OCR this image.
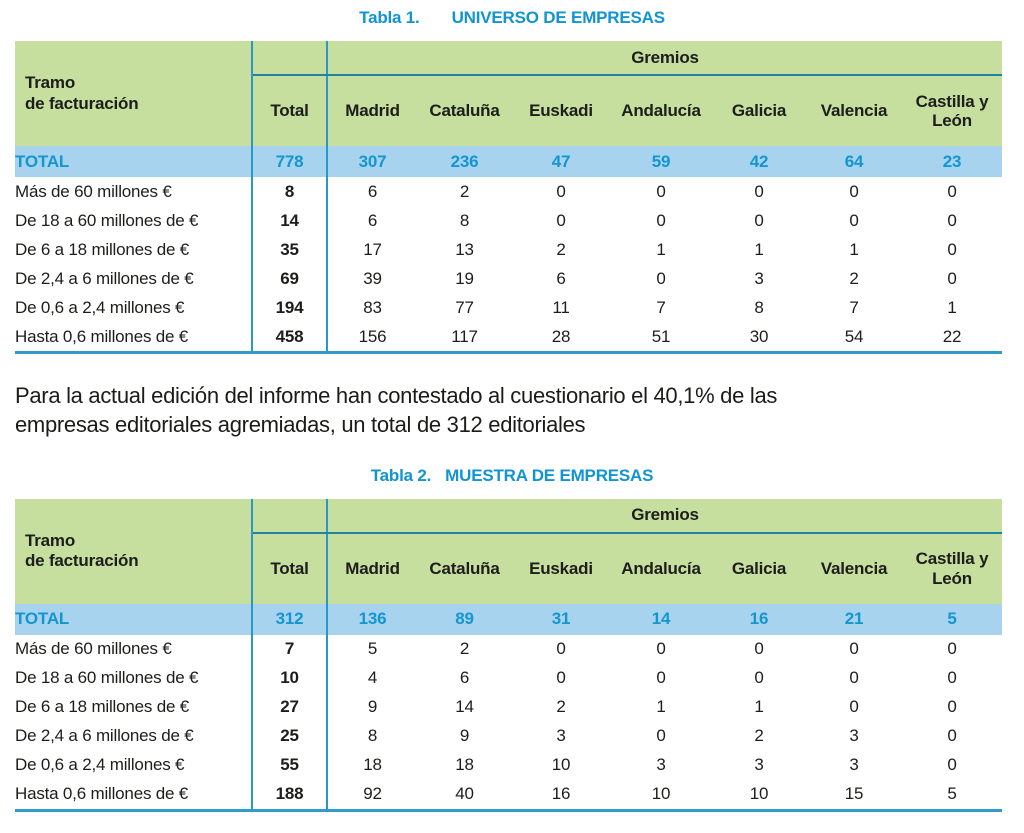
Tabla 1. UNIVERSO DE EMPRESAS
Tramo
de facturación		Gremios						
	Total	Madrid	Cataluña	Euskadi	Andalucía	Galicia	Valencia	Castilla y León
TOTAL	778	307	236	47	59	42	64	23
Más de 60 millones €	8	6	2	0	0	0	0	0
De 18 a 60 millones de €	14	6	8	0	0	0	0	0
De 6 a 18 millones de €	35	17	13	2	1	1	1	0
De 2,4 a 6 millones de €	69	39	19	6	0	3	2	0
De 0,6 a 2,4 millones €	194	83	77	11	7	8	7	1
Hasta 0,6 millones de €	458	156	117	28	51	30	54	22
Para la actual edición del informe han contestado al cuestionario el 40,1% de las
empresas editoriales agremiadas, un total de 312 editoriales
Tabla 2. MUESTRA DE EMPRESAS
Tramo
de facturación		Gremios						
	Total	Madrid	Cataluña	Euskadi	Andalucía	Galicia	Valencia	Castilla y León
TOTAL	312	136	89	31	14	16	21	5
Más de 60 millones €	7	5	2	0	0	0	0	0
De 18 a 60 millones de €	10	4	6	0	0	0	0	0
De 6 a 18 millones de €	27	9	14	2	1	1	0	0
De 2,4 a 6 millones de €	25	8	9	3	0	2	3	0
De 0,6 a 2,4 millones €	55	18	18	10	3	3	3	0
Hasta 0,6 millones de €	188	92	40	16	10	10	15	5
